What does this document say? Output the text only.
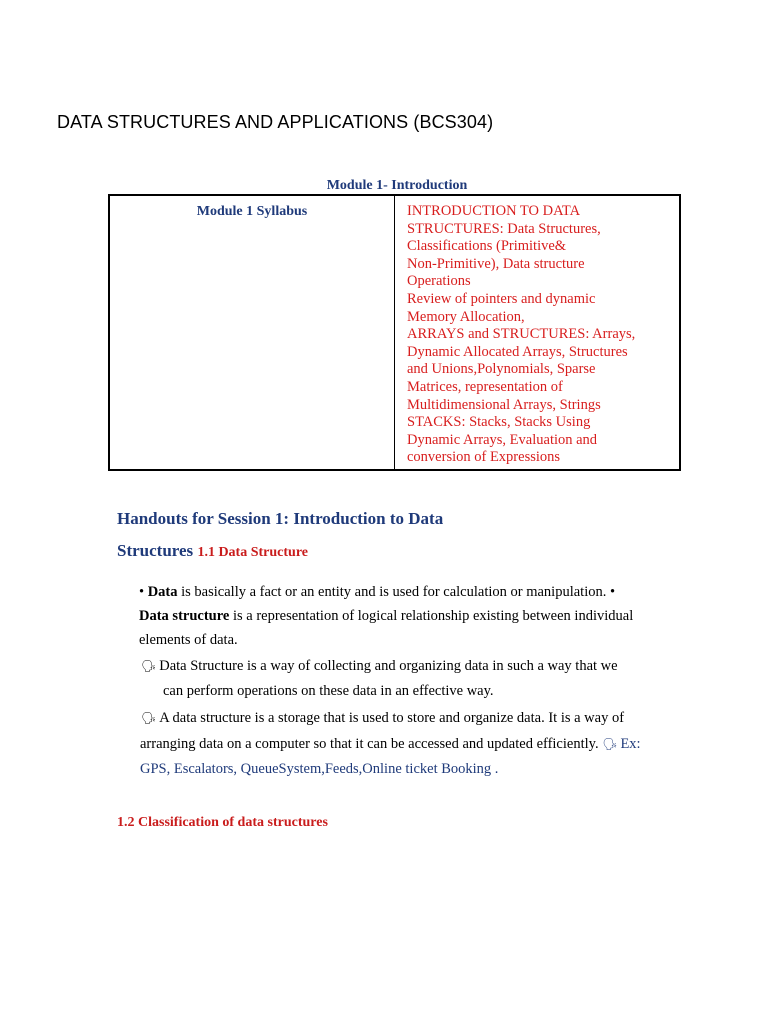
DATA STRUCTURES AND APPLICATIONS (BCS304)
Module 1- Introduction
Module 1 Syllabus	INTRODUCTION TO DATA
STRUCTURES: Data Structures,
Classifications (Primitive&
Non-Primitive), Data structure
Operations
Review of pointers and dynamic
Memory Allocation,
ARRAYS and STRUCTURES: Arrays,
Dynamic Allocated Arrays, Structures
and Unions,Polynomials, Sparse
Matrices, representation of
Multidimensional Arrays, Strings
STACKS: Stacks, Stacks Using
Dynamic Arrays, Evaluation and
conversion of Expressions
Handouts for Session 1: Introduction to Data
Structures 1.1 Data Structure
• Data is basically a fact or an entity and is used for calculation or manipulation. •
Data structure is a representation of logical relationship existing between individual
elements of data.
🗣 Data Structure is a way of collecting and organizing data in such a way that we
can perform operations on these data in an effective way.
🗣 A data structure is a storage that is used to store and organize data. It is a way of
arranging data on a computer so that it can be accessed and updated efficiently. 🗣 Ex:
GPS, Escalators, QueueSystem,Feeds,Online ticket Booking .
1.2 Classification of data structures
